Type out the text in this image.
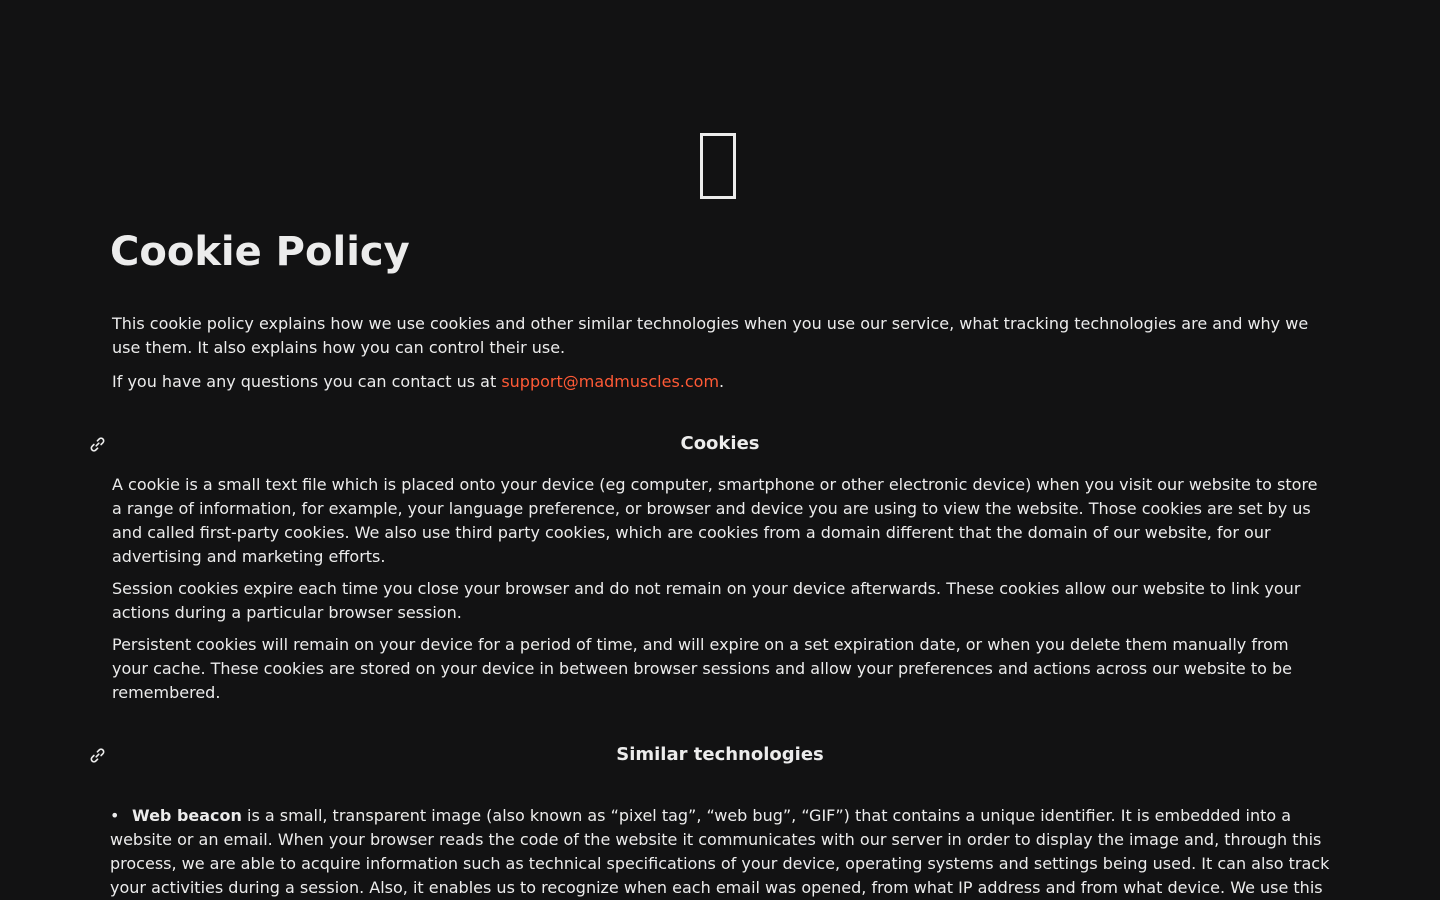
Cookie Policy

This cookie policy explains how we use cookies and other similar technologies when you use our service, what tracking technologies are and why we use them. It also explains how you can control their use.

If you have any questions you can contact us at support@madmuscles.com.

Cookies

A cookie is a small text file which is placed onto your device (eg computer, smartphone or other electronic device) when you visit our website to store a range of information, for example, your language preference, or browser and device you are using to view the website. Those cookies are set by us and called first-party cookies. We also use third party cookies, which are cookies from a domain different that the domain of our website, for our advertising and marketing efforts.

Session cookies expire each time you close your browser and do not remain on your device afterwards. These cookies allow our website to link your actions during a particular browser session.

Persistent cookies will remain on your device for a period of time, and will expire on a set expiration date, or when you delete them manually from your cache. These cookies are stored on your device in between browser sessions and allow your preferences and actions across our website to be remembered.

Similar technologies
• Web beacon is a small, transparent image (also known as “pixel tag”, “web bug”, “GIF”) that contains a unique identifier. It is embedded into a website or an email. When your browser reads the code of the website it communicates with our server in order to display the image and, through this process, we are able to acquire information such as technical specifications of your device, operating systems and settings being used. It can also track your activities during a session. Also, it enables us to recognize when each email was opened, from what IP address and from what device. We use this
